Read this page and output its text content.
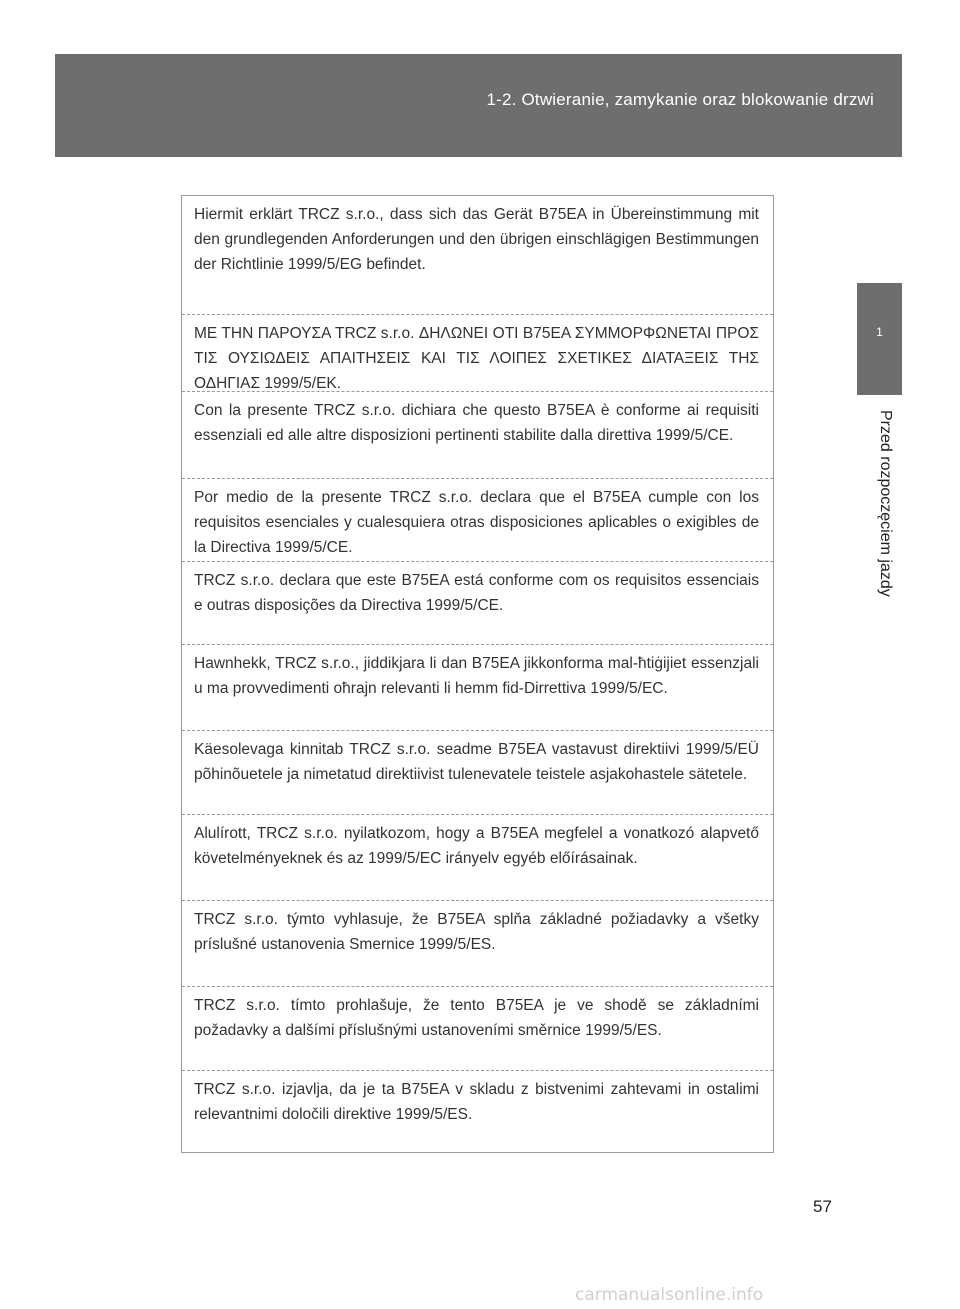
1-2. Otwieranie, zamykanie oraz blokowanie drzwi
1
Przed rozpoczęciem jazdy
Hiermit erklärt TRCZ s.r.o., dass sich das Gerät B75EA in Übereinstimmung mit den grundlegenden Anforderungen und den übrigen einschlägigen Bestimmungen der Richtlinie 1999/5/EG befindet.
ΜΕ ΤΗΝ ΠΑΡΟΥΣΑ TRCZ s.r.o. ΔΗΛΩΝΕΙ ΟΤΙ B75EA ΣΥΜΜΟΡΦΩΝΕΤΑΙ ΠΡΟΣ ΤΙΣ ΟΥΣΙΩΔΕΙΣ ΑΠΑΙΤΗΣΕΙΣ ΚΑΙ ΤΙΣ ΛΟΙΠΕΣ ΣΧΕΤΙΚΕΣ ΔΙΑΤΑΞΕΙΣ ΤΗΣ ΟΔΗΓΙΑΣ 1999/5/ΕΚ.
Con la presente TRCZ s.r.o. dichiara che questo B75EA è conforme ai requisiti essenziali ed alle altre disposizioni pertinenti stabilite dalla direttiva 1999/5/CE.
Por medio de la presente TRCZ s.r.o. declara que el B75EA cumple con los requisitos esenciales y cualesquiera otras disposiciones aplicables o exigibles de la Directiva 1999/5/CE.
TRCZ s.r.o. declara que este B75EA está conforme com os requisitos essenciais e outras disposições da Directiva 1999/5/CE.
Hawnhekk, TRCZ s.r.o., jiddikjara li dan B75EA jikkonforma mal-ħtiġijiet essenzjali u ma provvedimenti oħrajn relevanti li hemm fid-Dirrettiva 1999/5/EC.
Käesolevaga kinnitab TRCZ s.r.o. seadme B75EA vastavust direktiivi 1999/5/EÜ põhinõuetele ja nimetatud direktiivist tulenevatele teistele asjakohastele sätetele.
Alulírott, TRCZ s.r.o. nyilatkozom, hogy a B75EA megfelel a vonatkozó alapvető követelményeknek és az 1999/5/EC irányelv egyéb előírásainak.
TRCZ s.r.o. týmto vyhlasuje, že B75EA splňa základné požiadavky a všetky príslušné ustanovenia Smernice 1999/5/ES.
TRCZ s.r.o. tímto prohlašuje, že tento B75EA je ve shodě se základními požadavky a dalšími příslušnými ustanoveními směrnice 1999/5/ES.
TRCZ s.r.o. izjavlja, da je ta B75EA v skladu z bistvenimi zahtevami in ostalimi relevantnimi določili direktive 1999/5/ES.
57
carmanualsonline.info
